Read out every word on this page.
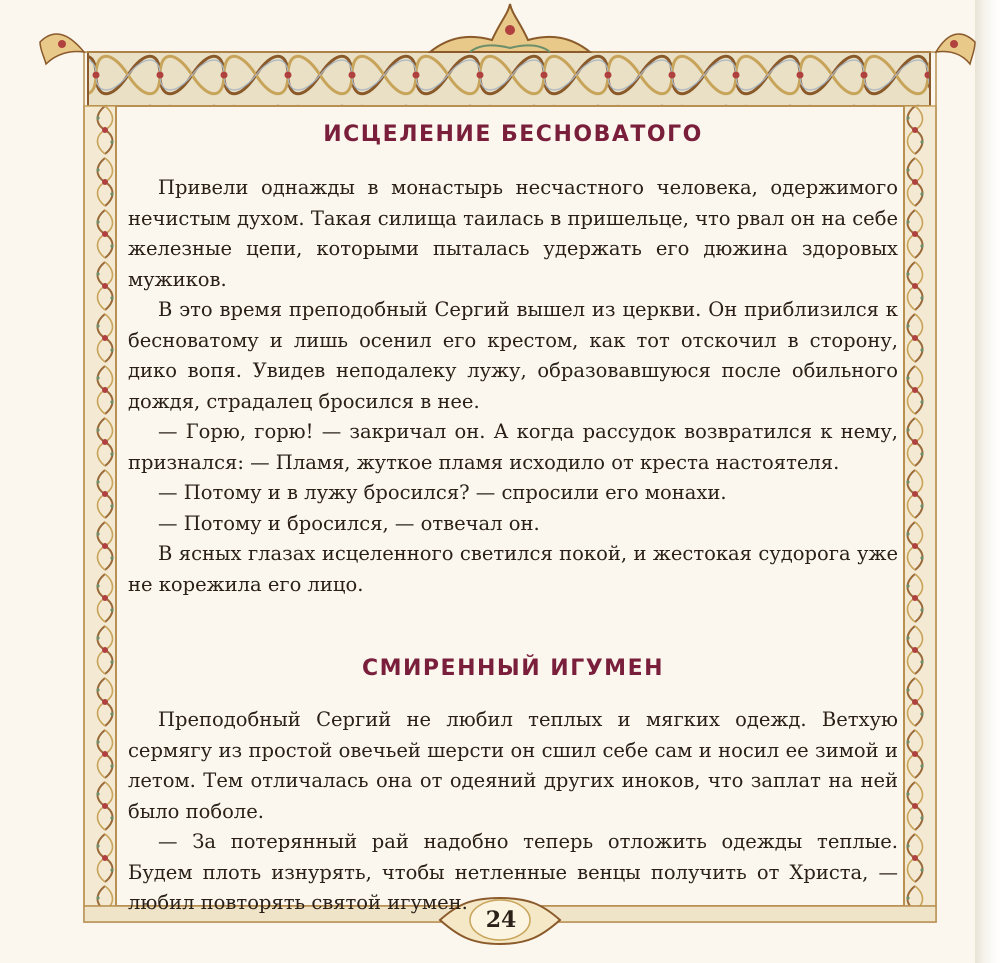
ИСЦЕЛЕНИЕ БЕСНОВАТОГО

Привели однажды в монастырь несчастного человека, одержимого нечистым духом. Такая силища таилась в пришельце, что рвал он на себе железные цепи, которыми пыталась удержать его дюжина здоровых мужиков.

В это время преподобный Сергий вышел из церкви. Он приблизился к бесноватому и лишь осенил его крестом, как тот отскочил в сторону, дико вопя. Увидев неподалеку лужу, образовавшуюся после обильного дождя, страдалец бросился в нее.

— Горю, горю! — закричал он. А когда рассудок возвратился к нему, признался: — Пламя, жуткое пламя исходило от креста настоятеля.

— Потому и в лужу бросился? — спросили его монахи.

— Потому и бросился, — отвечал он.

В ясных глазах исцеленного светился покой, и жестокая судорога уже не корежила его лицо.

СМИРЕННЫЙ ИГУМЕН

Преподобный Сергий не любил теплых и мягких одежд. Ветхую сермягу из простой овечьей шерсти он сшил себе сам и носил ее зимой и летом. Тем отличалась она от одеяний других иноков, что заплат на ней было поболе.

— За потерянный рай надобно теперь отложить одежды теплые. Будем плоть изнурять, чтобы нетленные венцы получить от Христа, — любил повторять святой игумен.

24
